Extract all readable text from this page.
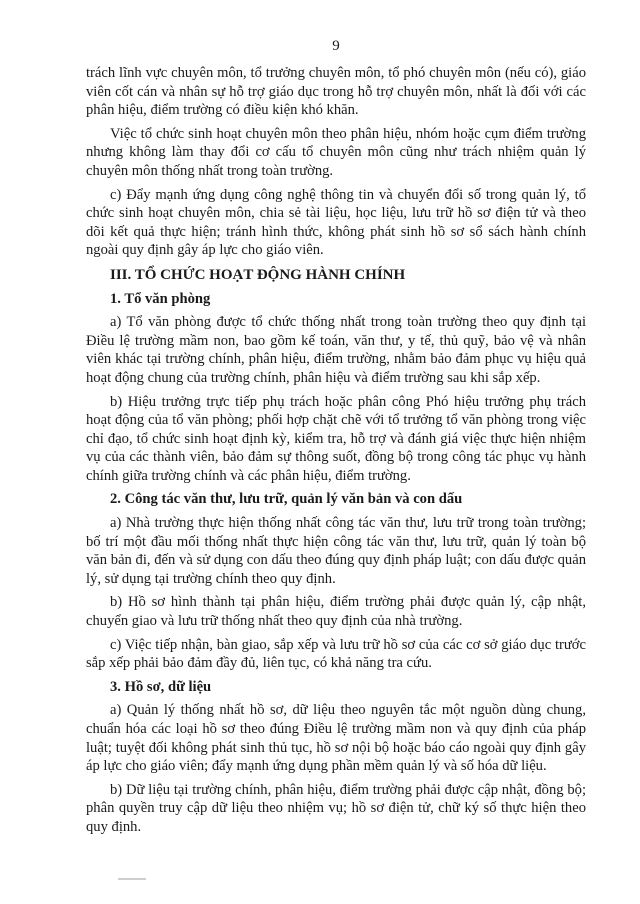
9

trách lĩnh vực chuyên môn, tổ trưởng chuyên môn, tổ phó chuyên môn (nếu có), giáo viên cốt cán và nhân sự hỗ trợ giáo dục trong hỗ trợ chuyên môn, nhất là đối với các phân hiệu, điểm trường có điều kiện khó khăn.

Việc tổ chức sinh hoạt chuyên môn theo phân hiệu, nhóm hoặc cụm điểm trường nhưng không làm thay đổi cơ cấu tổ chuyên môn cũng như trách nhiệm quản lý chuyên môn thống nhất trong toàn trường.

c) Đẩy mạnh ứng dụng công nghệ thông tin và chuyển đổi số trong quản lý, tổ chức sinh hoạt chuyên môn, chia sẻ tài liệu, học liệu, lưu trữ hồ sơ điện tử và theo dõi kết quả thực hiện; tránh hình thức, không phát sinh hồ sơ sổ sách hành chính ngoài quy định gây áp lực cho giáo viên.

III. TỔ CHỨC HOẠT ĐỘNG HÀNH CHÍNH
1. Tổ văn phòng

a) Tổ văn phòng được tổ chức thống nhất trong toàn trường theo quy định tại Điều lệ trường mầm non, bao gồm kế toán, văn thư, y tế, thủ quỹ, bảo vệ và nhân viên khác tại trường chính, phân hiệu, điểm trường, nhằm bảo đảm phục vụ hiệu quả hoạt động chung của trường chính, phân hiệu và điểm trường sau khi sắp xếp.

b) Hiệu trưởng trực tiếp phụ trách hoặc phân công Phó hiệu trưởng phụ trách hoạt động của tổ văn phòng; phối hợp chặt chẽ với tổ trưởng tổ văn phòng trong việc chỉ đạo, tổ chức sinh hoạt định kỳ, kiểm tra, hỗ trợ và đánh giá việc thực hiện nhiệm vụ của các thành viên, bảo đảm sự thông suốt, đồng bộ trong công tác phục vụ hành chính giữa trường chính và các phân hiệu, điểm trường.

2. Công tác văn thư, lưu trữ, quản lý văn bản và con dấu

a) Nhà trường thực hiện thống nhất công tác văn thư, lưu trữ trong toàn trường; bố trí một đầu mối thống nhất thực hiện công tác văn thư, lưu trữ, quản lý toàn bộ văn bản đi, đến và sử dụng con dấu theo đúng quy định pháp luật; con dấu được quản lý, sử dụng tại trường chính theo quy định.

b) Hồ sơ hình thành tại phân hiệu, điểm trường phải được quản lý, cập nhật, chuyển giao và lưu trữ thống nhất theo quy định của nhà trường.

c) Việc tiếp nhận, bàn giao, sắp xếp và lưu trữ hồ sơ của các cơ sở giáo dục trước sắp xếp phải bảo đảm đầy đủ, liên tục, có khả năng tra cứu.

3. Hồ sơ, dữ liệu

a) Quản lý thống nhất hồ sơ, dữ liệu theo nguyên tắc một nguồn dùng chung, chuẩn hóa các loại hồ sơ theo đúng Điều lệ trường mầm non và quy định của pháp luật; tuyệt đối không phát sinh thủ tục, hồ sơ nội bộ hoặc báo cáo ngoài quy định gây áp lực cho giáo viên; đẩy mạnh ứng dụng phần mềm quản lý và số hóa dữ liệu.

b) Dữ liệu tại trường chính, phân hiệu, điểm trường phải được cập nhật, đồng bộ; phân quyền truy cập dữ liệu theo nhiệm vụ; hồ sơ điện tử, chữ ký số thực hiện theo quy định.
